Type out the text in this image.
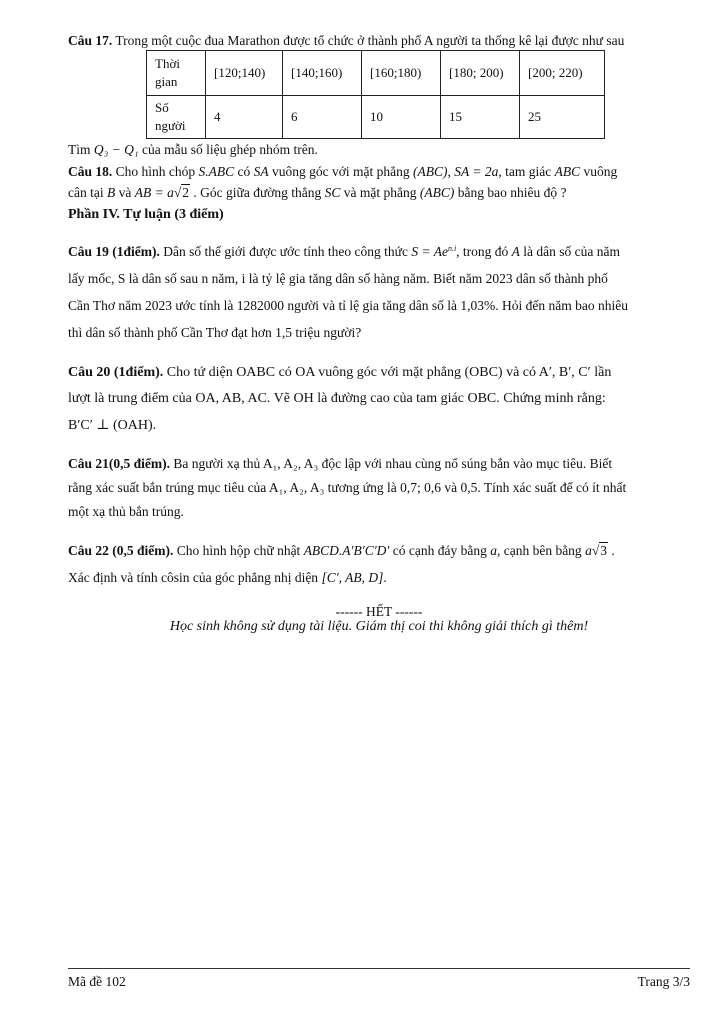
Câu 17. Trong một cuộc đua Marathon được tổ chức ở thành phố A người ta thống kê lại được như sau

Thời gian	[120;140)	[140;160)	[160;180)	[180; 200)	[200; 220)
Số người	4	6	10	15	25

Tìm Q₃ − Q₁ của mẫu số liệu ghép nhóm trên.

Câu 18. Cho hình chóp S.ABC có SA vuông góc với mặt phẳng (ABC), SA = 2a, tam giác ABC vuông
cân tại B và AB = a√2 . Góc giữa đường thẳng SC và mặt phẳng (ABC) bằng bao nhiêu độ ?

Phần IV. Tự luận (3 điểm)

Câu 19 (1điểm). Dân số thế giới được ước tính theo công thức $S = Ae^{n.i}$, trong đó A là dân số của năm
lấy mốc, S là dân số sau n năm, i là tỷ lệ gia tăng dân số hàng năm. Biết năm 2023 dân số thành phố
Cần Thơ năm 2023 ước tính là 1282000 người và tỉ lệ gia tăng dân số là 1,03%. Hỏi đến năm bao nhiêu
thì dân số thành phố Cần Thơ đạt hơn 1,5 triệu người?
Câu 20 (1điểm). Cho tứ diện OABC có OA vuông góc với mặt phẳng (OBC) và có A′, B′, C′ lần
lượt là trung điểm của OA, AB, AC. Vẽ OH là đường cao của tam giác OBC. Chứng minh rằng:
B′C′ ⊥ (OAH).
Câu 21(0,5 điểm). Ba người xạ thủ A₁, A₂, A₃ độc lập với nhau cùng nổ súng bắn vào mục tiêu. Biết
rằng xác suất bắn trúng mục tiêu của A₁, A₂, A₃ tương ứng là 0,7; 0,6 và 0,5. Tính xác suất để có ít nhất
một xạ thủ bắn trúng.
Câu 22 (0,5 điểm). Cho hình hộp chữ nhật ABCD.A′B′C′D′ có cạnh đáy bằng a, cạnh bên bằng a√3 .
Xác định và tính côsin của góc phẳng nhị diện [C′, AB, D].

------ HẾT ------

Học sinh không sử dụng tài liệu. Giám thị coi thi không giải thích gì thêm!

Mã đề 102	Trang 3/3
